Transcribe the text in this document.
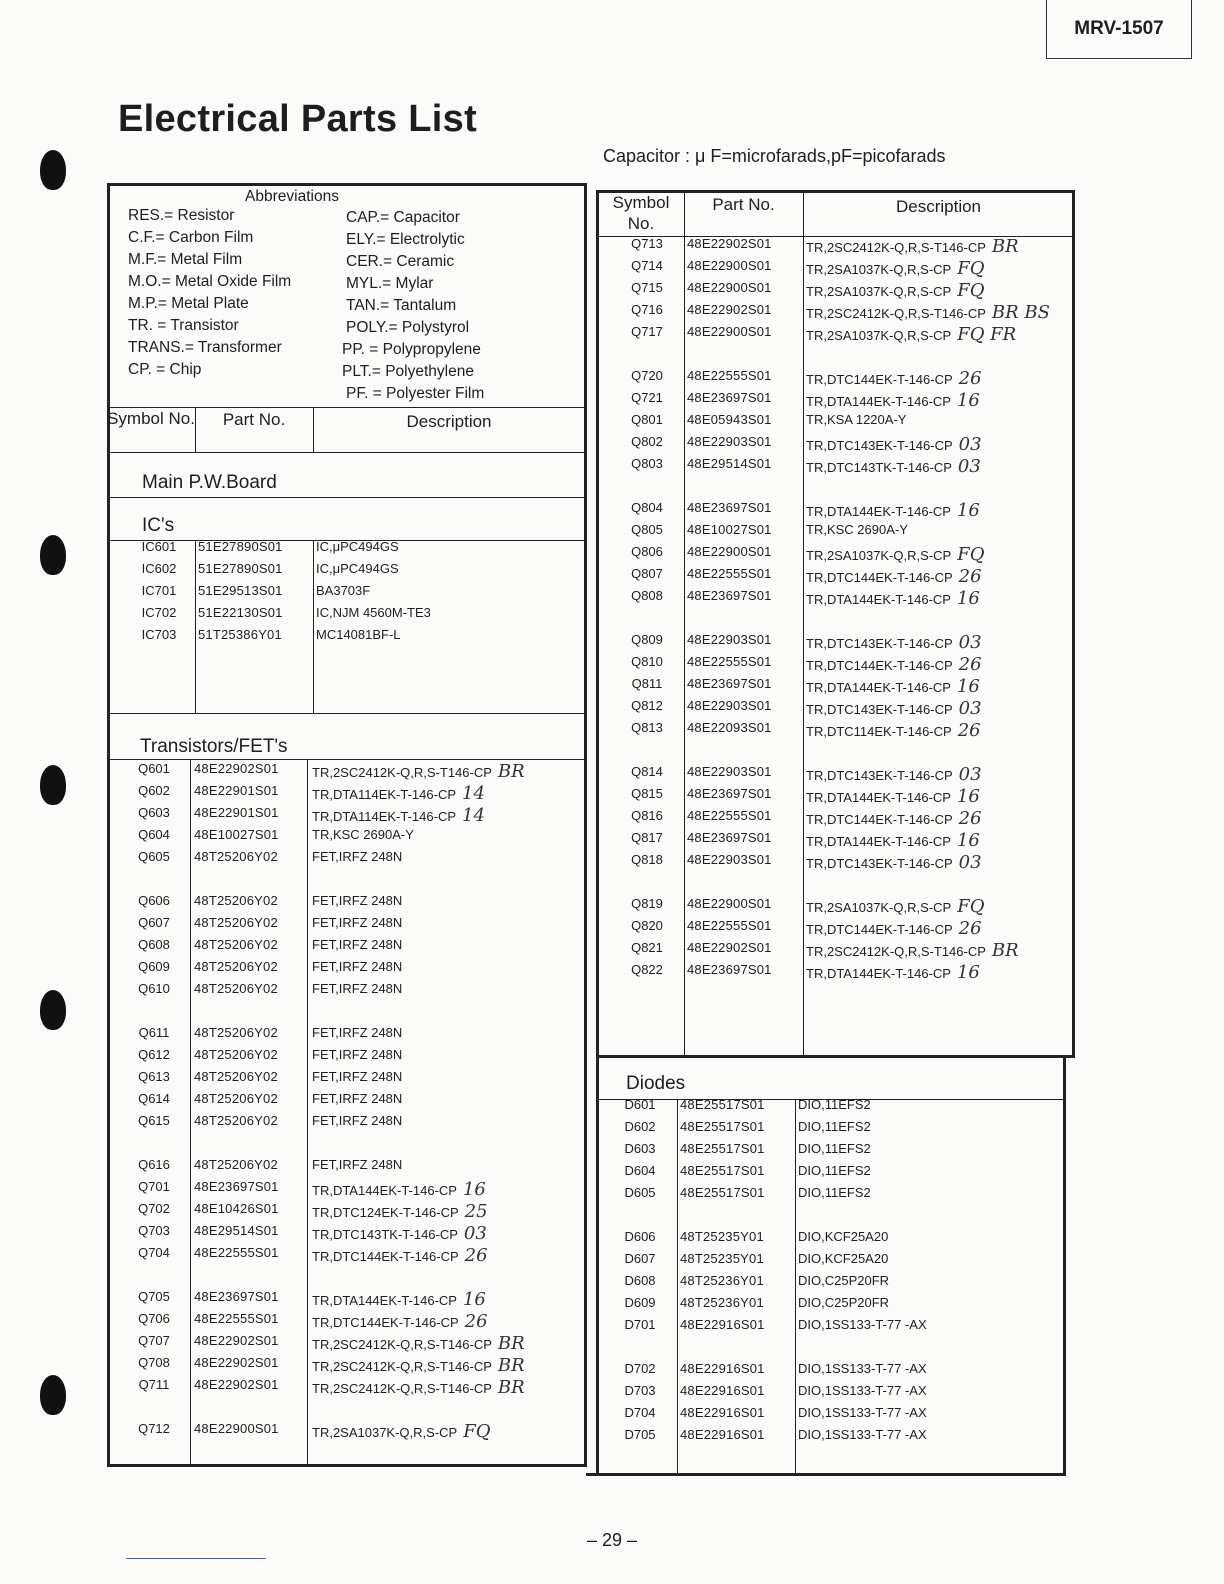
MRV-1507
Electrical Parts List
Capacitor : μ F=microfarads,pF=picofarads
Abbreviations
RES.= Resistor
C.F.= Carbon Film
M.F.= Metal Film
M.O.= Metal Oxide Film
M.P.= Metal Plate
TR. = Transistor
TRANS.= Transformer
CP. = Chip
CAP.= Capacitor
ELY.= Electrolytic
CER.= Ceramic
MYL.= Mylar
TAN.= Tantalum
POLY.= Polystyrol
PP. = Polypropylene
PLT.= Polyethylene
PF. = Polyester Film
Symbol No.	Part No.	Description
Main P.W.Board
IC's
Transistors/FET's
IC601	51E27890S01	IC,μPC494GS
IC602	51E27890S01	IC,μPC494GS
IC701	51E29513S01	BA3703F
IC702	51E22130S01	IC,NJM 4560M-TE3
IC703	51T25386Y01	MC14081BF-L
Q601	48E22902S01	TR,2SC2412K-Q,R,S-T146-CP BR
Q602	48E22901S01	TR,DTA114EK-T-146-CP 14
Q603	48E22901S01	TR,DTA114EK-T-146-CP 14
Q604	48E10027S01	TR,KSC 2690A-Y
Q605	48T25206Y02	FET,IRFZ 248N
Q606	48T25206Y02	FET,IRFZ 248N
Q607	48T25206Y02	FET,IRFZ 248N
Q608	48T25206Y02	FET,IRFZ 248N
Q609	48T25206Y02	FET,IRFZ 248N
Q610	48T25206Y02	FET,IRFZ 248N
Q611	48T25206Y02	FET,IRFZ 248N
Q612	48T25206Y02	FET,IRFZ 248N
Q613	48T25206Y02	FET,IRFZ 248N
Q614	48T25206Y02	FET,IRFZ 248N
Q615	48T25206Y02	FET,IRFZ 248N
Q616	48T25206Y02	FET,IRFZ 248N
Q701	48E23697S01	TR,DTA144EK-T-146-CP 16
Q702	48E10426S01	TR,DTC124EK-T-146-CP 25
Q703	48E29514S01	TR,DTC143TK-T-146-CP 03
Q704	48E22555S01	TR,DTC144EK-T-146-CP 26
Q705	48E23697S01	TR,DTA144EK-T-146-CP 16
Q706	48E22555S01	TR,DTC144EK-T-146-CP 26
Q707	48E22902S01	TR,2SC2412K-Q,R,S-T146-CP BR
Q708	48E22902S01	TR,2SC2412K-Q,R,S-T146-CP BR
Q711	48E22902S01	TR,2SC2412K-Q,R,S-T146-CP BR
Q712	48E22900S01	TR,2SA1037K-Q,R,S-CP FQ
Symbol No.
Part No.	Description
Diodes
Q713	48E22902S01	TR,2SC2412K-Q,R,S-T146-CP BR
Q714	48E22900S01	TR,2SA1037K-Q,R,S-CP FQ
Q715	48E22900S01	TR,2SA1037K-Q,R,S-CP FQ
Q716	48E22902S01	TR,2SC2412K-Q,R,S-T146-CP BR BS
Q717	48E22900S01	TR,2SA1037K-Q,R,S-CP FQ FR
Q720	48E22555S01	TR,DTC144EK-T-146-CP 26
Q721	48E23697S01	TR,DTA144EK-T-146-CP 16
Q801	48E05943S01	TR,KSA 1220A-Y
Q802	48E22903S01	TR,DTC143EK-T-146-CP 03
Q803	48E29514S01	TR,DTC143TK-T-146-CP 03
Q804	48E23697S01	TR,DTA144EK-T-146-CP 16
Q805	48E10027S01	TR,KSC 2690A-Y
Q806	48E22900S01	TR,2SA1037K-Q,R,S-CP FQ
Q807	48E22555S01	TR,DTC144EK-T-146-CP 26
Q808	48E23697S01	TR,DTA144EK-T-146-CP 16
Q809	48E22903S01	TR,DTC143EK-T-146-CP 03
Q810	48E22555S01	TR,DTC144EK-T-146-CP 26
Q811	48E23697S01	TR,DTA144EK-T-146-CP 16
Q812	48E22903S01	TR,DTC143EK-T-146-CP 03
Q813	48E22093S01	TR,DTC114EK-T-146-CP 26
Q814	48E22903S01	TR,DTC143EK-T-146-CP 03
Q815	48E23697S01	TR,DTA144EK-T-146-CP 16
Q816	48E22555S01	TR,DTC144EK-T-146-CP 26
Q817	48E23697S01	TR,DTA144EK-T-146-CP 16
Q818	48E22903S01	TR,DTC143EK-T-146-CP 03
Q819	48E22900S01	TR,2SA1037K-Q,R,S-CP FQ
Q820	48E22555S01	TR,DTC144EK-T-146-CP 26
Q821	48E22902S01	TR,2SC2412K-Q,R,S-T146-CP BR
Q822	48E23697S01	TR,DTA144EK-T-146-CP 16
D601	48E25517S01	DIO,11EFS2
D602	48E25517S01	DIO,11EFS2
D603	48E25517S01	DIO,11EFS2
D604	48E25517S01	DIO,11EFS2
D605	48E25517S01	DIO,11EFS2
D606	48T25235Y01	DIO,KCF25A20
D607	48T25235Y01	DIO,KCF25A20
D608	48T25236Y01	DIO,C25P20FR
D609	48T25236Y01	DIO,C25P20FR
D701	48E22916S01	DIO,1SS133-T-77 -AX
D702	48E22916S01	DIO,1SS133-T-77 -AX
D703	48E22916S01	DIO,1SS133-T-77 -AX
D704	48E22916S01	DIO,1SS133-T-77 -AX
D705	48E22916S01	DIO,1SS133-T-77 -AX
– 29 –
